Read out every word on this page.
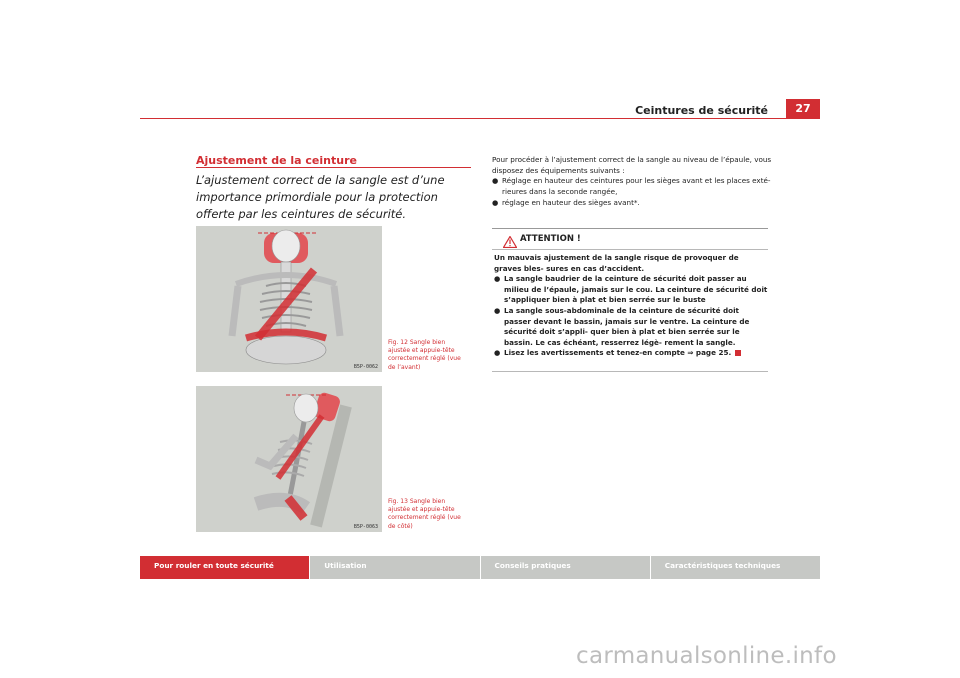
Ceintures de sécurité	27
Ajustement de la ceinture
L’ajustement correct de la sangle est d’une importance primordiale pour la protection offerte par les ceintures de sécurité.
B5P-0062
Fig. 12 Sangle bien ajustée et appuie-tête correctement réglé (vue de l’avant)
B5P-0063
Fig. 13 Sangle bien ajustée et appuie-tête correctement réglé (vue de côté)

Pour procéder à l’ajustement correct de la sangle au niveau de l’épaule, vous disposez des équipements suivants :

● Réglage en hauteur des ceintures pour les sièges avant et les places exté- rieures dans la seconde rangée,
● réglage en hauteur des sièges avant*.
ATTENTION !

Un mauvais ajustement de la sangle risque de provoquer de graves bles- sures en cas d’accident.

● La sangle baudrier de la ceinture de sécurité doit passer au milieu de l’épaule, jamais sur le cou. La ceinture de sécurité doit s’appliquer bien à plat et bien serrée sur le buste
● La sangle sous-abdominale de la ceinture de sécurité doit passer devant le bassin, jamais sur le ventre. La ceinture de sécurité doit s’appli- quer bien à plat et bien serrée sur le bassin. Le cas échéant, resserrez légè- rement la sangle.
● Lisez les avertissements et tenez-en compte ⇒ page 25.
Pour rouler en toute sécurité	Utilisation	Conseils pratiques	Caractéristiques techniques
carmanualsonline.info
